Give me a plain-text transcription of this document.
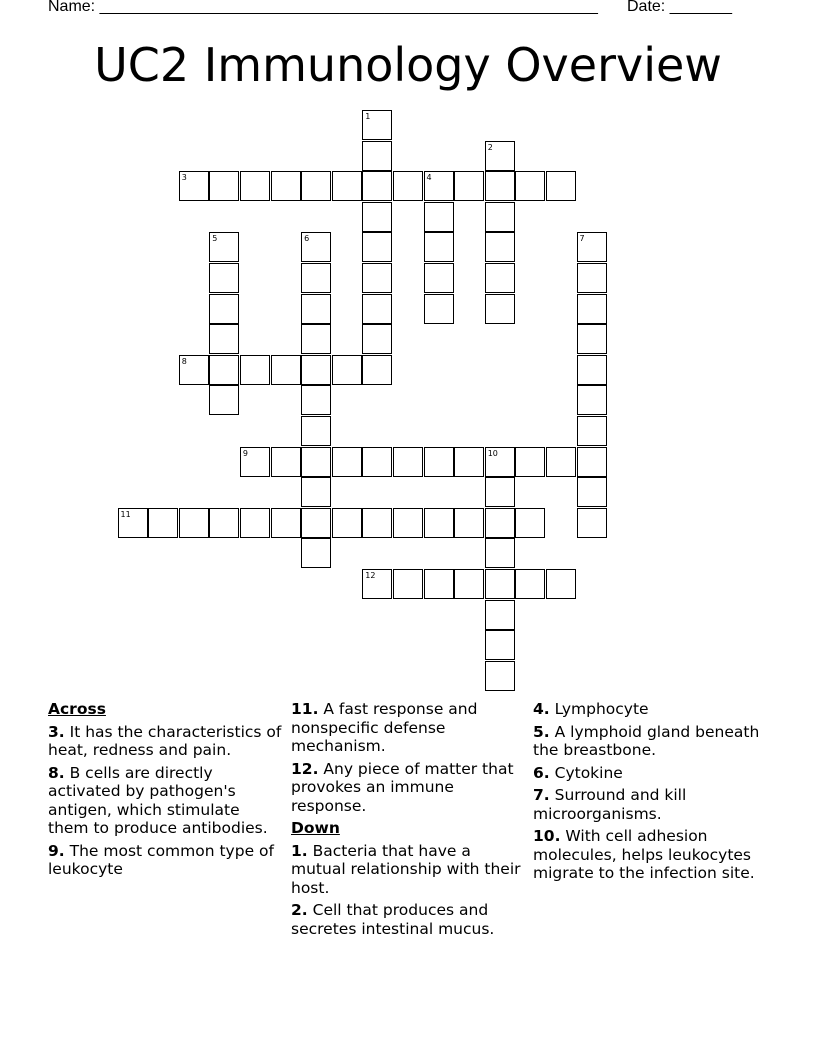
Name: ________________________________________________________ Date: _______
UC2 Immunology Overview
1
2
3	4
5	6	7
8
9	10
11
12
Across
3. It has the characteristics of heat, redness and pain.
8. B cells are directly activated by pathogen's antigen, which stimulate them to produce antibodies.
9. The most common type of leukocyte
11. A fast response and nonspecific defense mechanism.
12. Any piece of matter that provokes an immune response.
Down
1. Bacteria that have a mutual relationship with their host.
2. Cell that produces and secretes intestinal mucus.
4. Lymphocyte
5. A lymphoid gland beneath the breastbone.
6. Cytokine
7. Surround and kill microorganisms.
10. With cell adhesion molecules, helps leukocytes migrate to the infection site.
